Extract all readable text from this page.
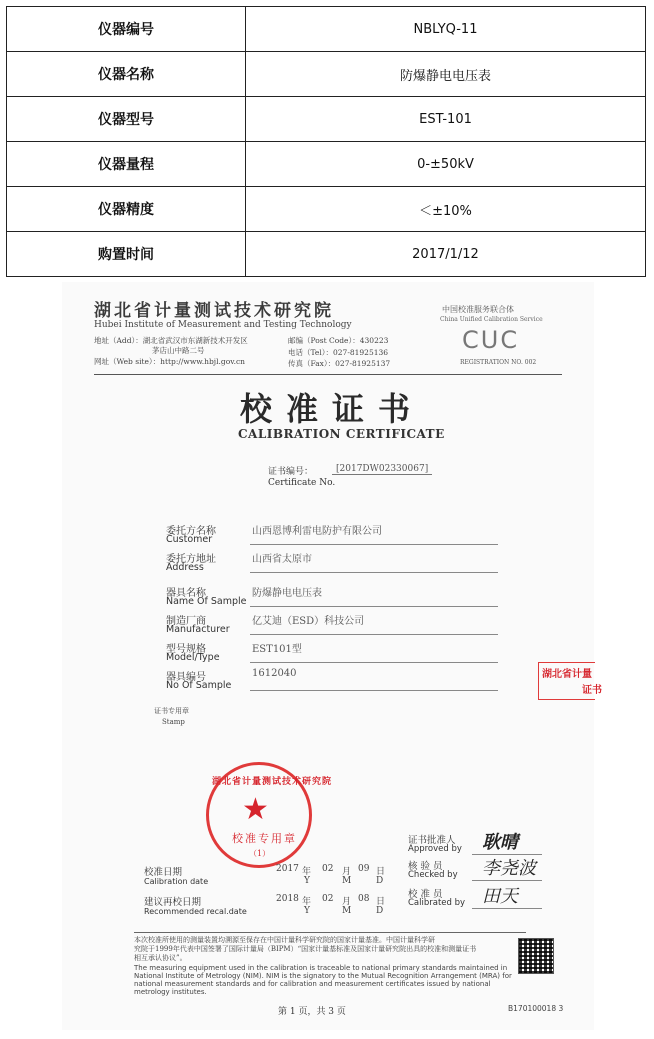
仪器编号	NBLYQ-11
仪器名称	防爆静电电压表
仪器型号	EST-101
仪器量程	0-±50kV
仪器精度	＜±10%
购置时间	2017/1/12
湖北省计量测试技术研究院
Hubei Institute of Measurement and Testing Technology
地址（Add）：湖北省武汉市东湖新技术开发区
茅店山中路二号
网址（Web site）：http://www.hbjl.gov.cn
邮编（Post Code）：430223
电话（Tel）：027-81925136
传真（Fax）：027-81925137
中国校准服务联合体
China Unified Calibration Service
CUC
REGISTRATION NO. 002
校准证书
CALIBRATION CERTIFICATE
证书编号：	[2017DW02330067]
Certificate No.
委托方名称
Customer
山西恩博利雷电防护有限公司
委托方地址
Address
山西省太原市
器具名称
Name Of Sample
防爆静电电压表
制造厂商
Manufacturer
亿艾迪（ESD）科技公司
型号规格
Model/Type
EST101型
器具编号
No Of Sample
1612040
证书专用章
Stamp
湖北省计量测试技术研究院
★
校准专用章
（1）
湖北省计量
证书
证书批准人
Approved by 耿晴
核 验 员
Checked by 李尧波
校 准 员
Calibrated by 田天
校准日期
Calibration date
2017 年 02 月 09 日
Y	M	D
建议再校日期
Recommended recal.date
2018 年 02 月 08 日
Y	M	D
本次校准所使用的测量装置均溯源至保存在中国计量科学研究院的国家计量基准。中国计量科学研
究院于1999年代表中国签署了国际计量局（BIPM）“国家计量基标准及国家计量研究院出具的校准和测量证书
相互承认协议”。
The measuring equipment used in the calibration is traceable to national primary standards maintained in
National Institute of Metrology (NIM). NIM is the signatory to the Mutual Recognition Arrangement (MRA) for
national measurement standards and for calibration and measurement certificates issued by national
metrology institutes.
第 1 页，共 3 页	B170100018 3
